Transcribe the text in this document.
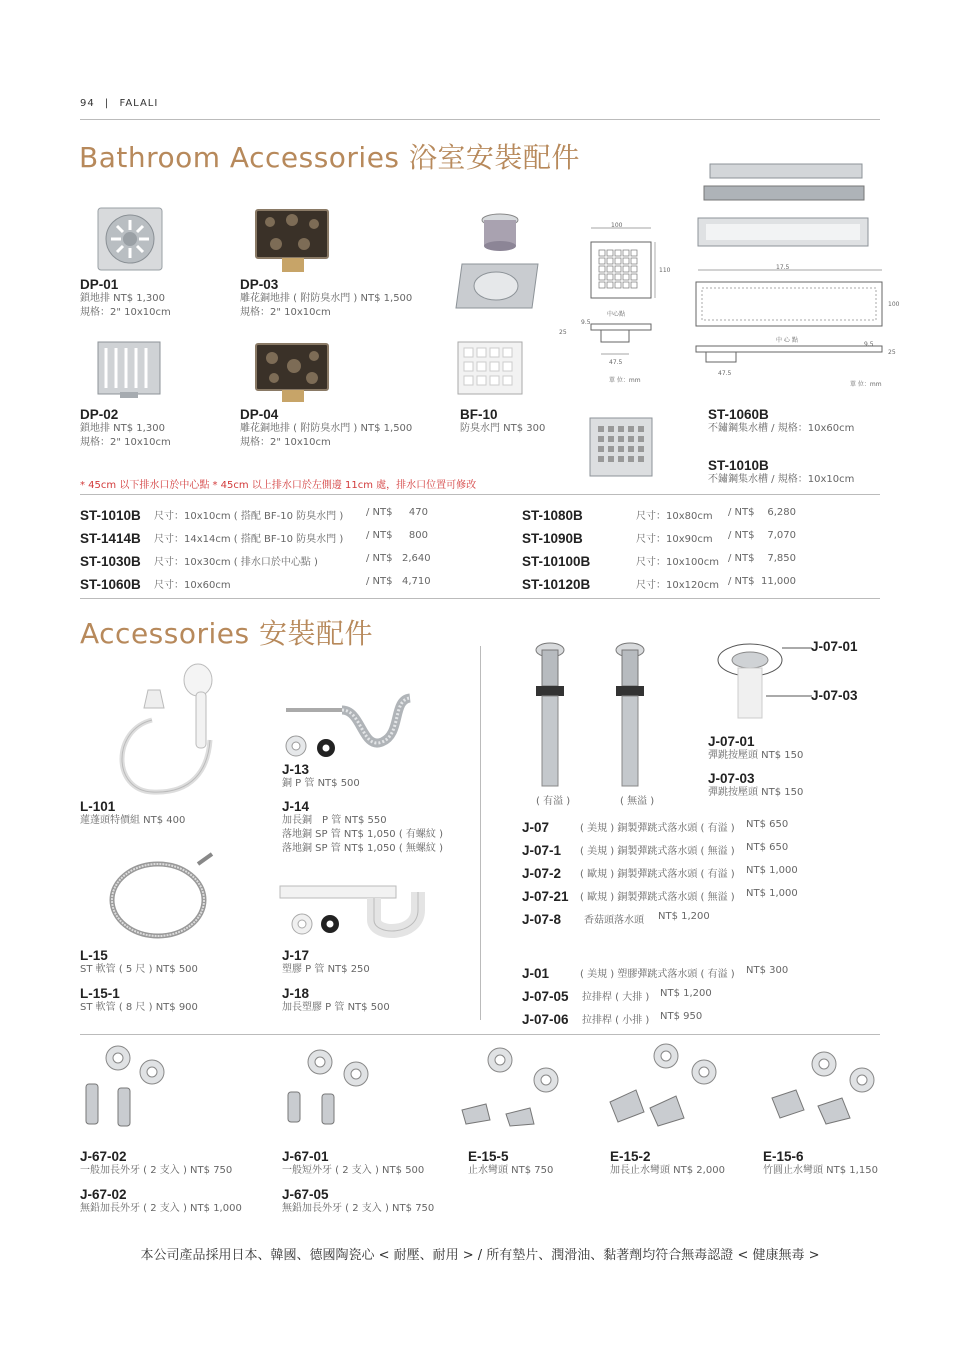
94 | FALALI
Bathroom Accessories 浴室安裝配件
100
110
9.5
25
中心點
47.5
單 位：mm
17.5
100
中 心 點
9.5
25
47.5
單 位：mm
DP-01
鎖地排 NT$ 1,300
規格：2" 10x10cm
DP-03
雕花銅地排 ( 附防臭水門 ) NT$ 1,500
規格：2" 10x10cm
DP-02
鎖地排 NT$ 1,300
規格：2" 10x10cm
DP-04
雕花銅地排 ( 附防臭水門 ) NT$ 1,500
規格：2" 10x10cm
BF-10
防臭水門 NT$ 300
ST-1060B
不鏽鋼集水槽 / 規格：10x60cm
ST-1010B
不鏽鋼集水槽 / 規格：10x10cm
* 45cm 以下排水口於中心點 * 45cm 以上排水口於左側邊 11cm 處，排水口位置可修改
ST-1010B 尺寸：10x10cm ( 搭配 BF-10 防臭水門 ) / NT$	470
ST-1414B 尺寸：14x14cm ( 搭配 BF-10 防臭水門 ) / NT$	800
ST-1030B 尺寸：10x30cm ( 排水口於中心點 )	/ NT$ 2,640
ST-1060B 尺寸：10x60cm	/ NT$ 4,710
ST-1080B	尺寸：10x80cm / NT$	6,280
ST-1090B	尺寸：10x90cm / NT$	7,070
ST-10100B	尺寸：10x100cm / NT$	7,850
ST-10120B	尺寸：10x120cm / NT$ 11,000
Accessories 安裝配件
L-101
蓮蓬頭特價組 NT$ 400
J-13
銅 P 管 NT$ 500
J-14
加長銅　P 管 NT$ 550
落地銅 SP 管 NT$ 1,050 ( 有螺紋 )
落地銅 SP 管 NT$ 1,050 ( 無螺紋 )
L-15
ST 軟管 ( 5 尺 ) NT$ 500
L-15-1
ST 軟管 ( 8 尺 ) NT$ 900
J-17
塑膠 P 管 NT$ 250
J-18
加長塑膠 P 管 NT$ 500
( 有溢 )	( 無溢 )
J-07-01
J-07-03
J-07-01
彈跳按壓頭 NT$ 150
J-07-03
彈跳按壓頭 NT$ 150
J-07	( 美規 ) 銅製彈跳式落水頭 ( 有溢 ) NT$ 650
J-07-1 ( 美規 ) 銅製彈跳式落水頭 ( 無溢 ) NT$ 650
J-07-2 ( 歐規 ) 銅製彈跳式落水頭 ( 有溢 ) NT$ 1,000
J-07-21 ( 歐規 ) 銅製彈跳式落水頭 ( 無溢 ) NT$ 1,000
J-07-8 香菇頭落水頭 NT$ 1,200
J-01	( 美規 ) 塑膠彈跳式落水頭 ( 有溢 ) NT$ 300
J-07-05 拉排桿 ( 大排 ) NT$ 1,200
J-07-06 拉排桿 ( 小排 ) NT$ 950
J-67-02
一般加長外牙 ( 2 支入 ) NT$ 750
J-67-02
無鉛加長外牙 ( 2 支入 ) NT$ 1,000
J-67-01
一般短外牙 ( 2 支入 ) NT$ 500
J-67-05
無鉛加長外牙 ( 2 支入 ) NT$ 750
E-15-5
止水彎頭 NT$ 750
E-15-2
加長止水彎頭 NT$ 2,000
E-15-6
竹圓止水彎頭 NT$ 1,150
本公司產品採用日本、韓國、德國陶瓷心 < 耐壓、耐用 > / 所有墊片、潤滑油、黏著劑均符合無毒認證 < 健康無毒 >
